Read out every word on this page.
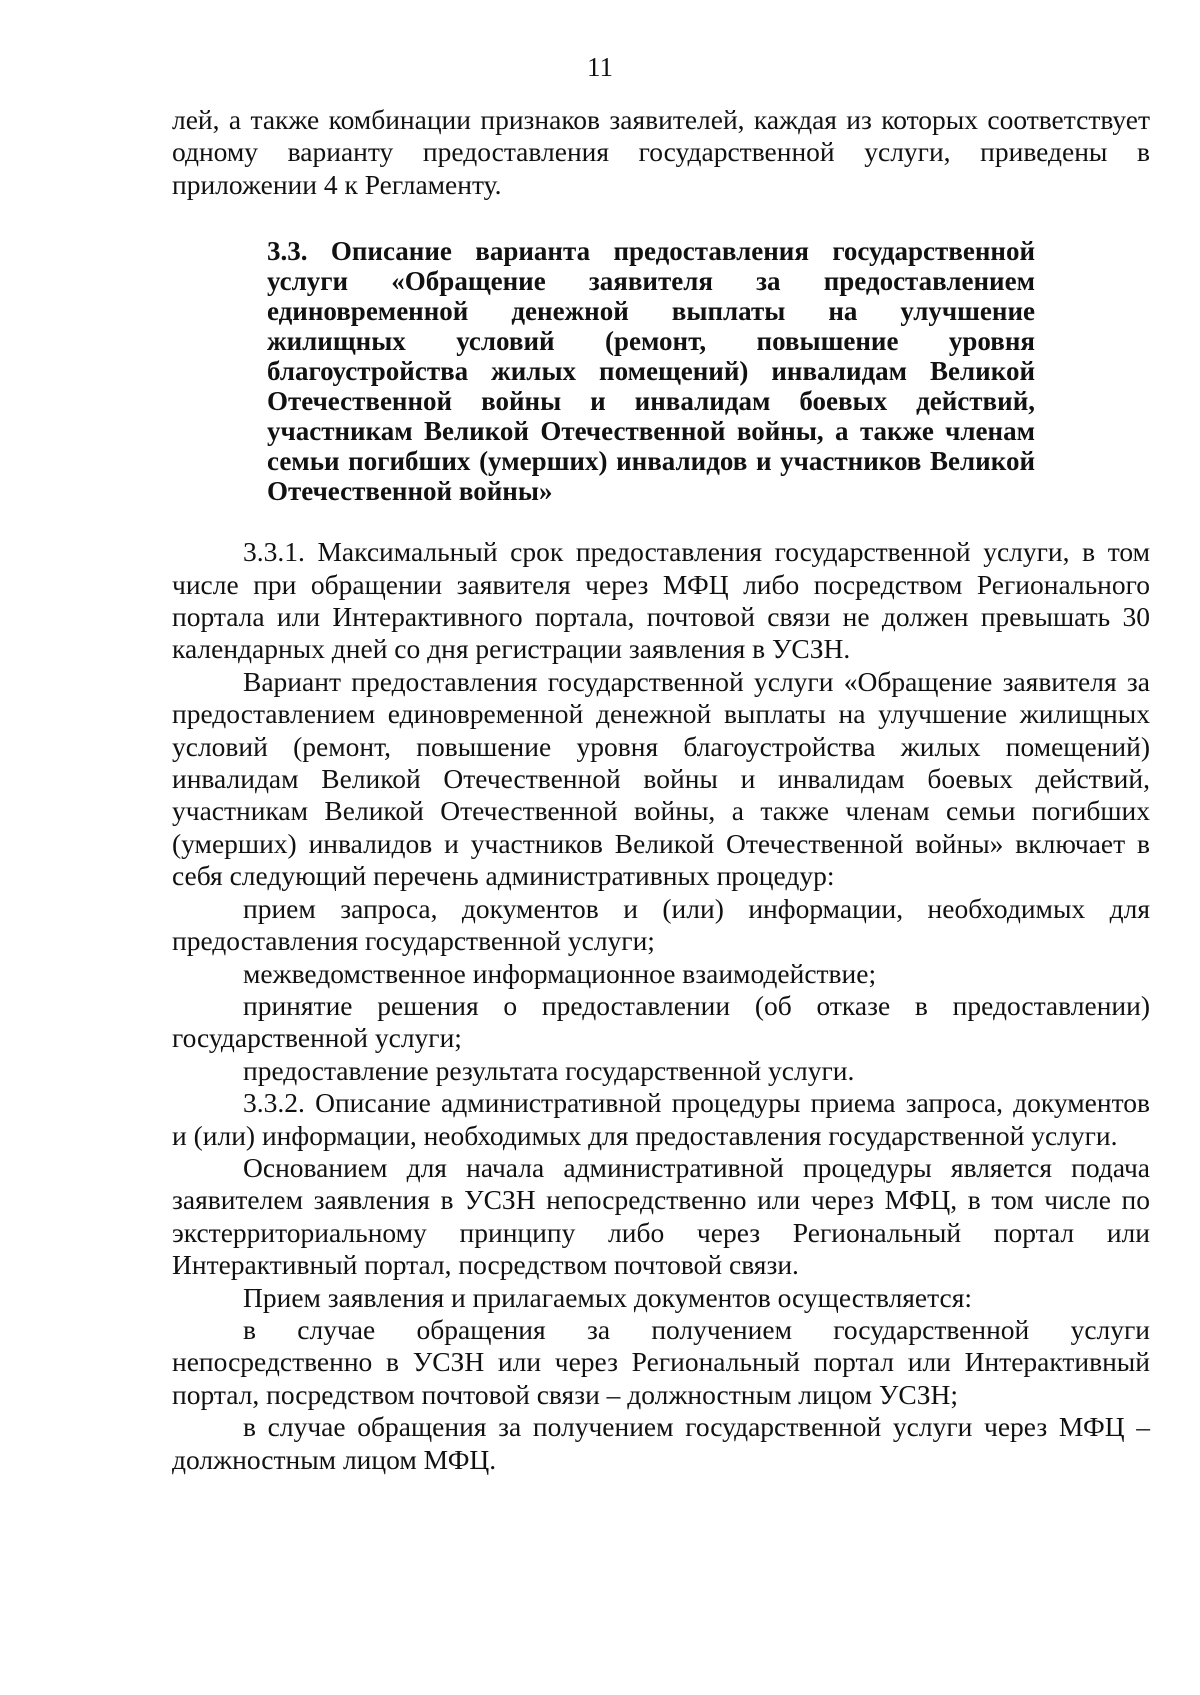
11

лей, а также комбинации признаков заявителей, каждая из которых соответствует одному варианту предоставления государственной услуги, приведены в приложении 4 к Регламенту.

3.3. Описание варианта предоставления государственной услуги «Обращение заявителя за предоставлением единовременной денежной выплаты на улучшение жилищных условий (ремонт, повышение уровня благоустройства жилых помещений) инвалидам Великой Отечественной войны и инвалидам боевых действий, участникам Великой Отечественной войны, а также членам семьи погибших (умерших) инвалидов и участников Великой Отечественной войны»

3.3.1. Максимальный срок предоставления государственной услуги, в том числе при обращении заявителя через МФЦ либо посредством Регионального портала или Интерактивного портала, почтовой связи не должен превышать 30 календарных дней со дня регистрации заявления в УСЗН.

Вариант предоставления государственной услуги «Обращение заявителя за предоставлением единовременной денежной выплаты на улучшение жилищных условий (ремонт, повышение уровня благоустройства жилых помещений) инвалидам Великой Отечественной войны и инвалидам боевых действий, участникам Великой Отечественной войны, а также членам семьи погибших (умерших) инвалидов и участников Великой Отечественной войны» включает в себя следующий перечень административных процедур:

прием запроса, документов и (или) информации, необходимых для предоставления государственной услуги;

межведомственное информационное взаимодействие;

принятие решения о предоставлении (об отказе в предоставлении) государственной услуги;

предоставление результата государственной услуги.

3.3.2. Описание административной процедуры приема запроса, документов и (или) информации, необходимых для предоставления государственной услуги.

Основанием для начала административной процедуры является подача заявителем заявления в УСЗН непосредственно или через МФЦ, в том числе по экстерриториальному принципу либо через Региональный портал или Интерактивный портал, посредством почтовой связи.

Прием заявления и прилагаемых документов осуществляется:

в случае обращения за получением государственной услуги непосредственно в УСЗН или через Региональный портал или Интерактивный портал, посредством почтовой связи – должностным лицом УСЗН;

в случае обращения за получением государственной услуги через МФЦ – должностным лицом МФЦ.
